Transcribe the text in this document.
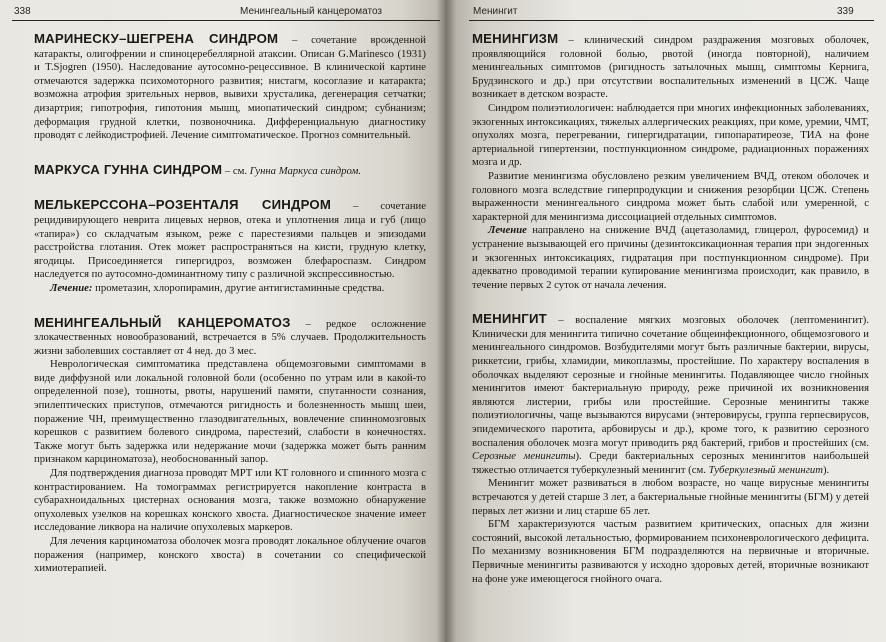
338	Менингеальный канцероматоз

МАРИНЕСКУ–ШЕГРЕНА СИНДРОМ – сочетание врожденной катаракты, олигофрении и спиноцеребеллярной атаксии. Описан G.Marinesco (1931) и T.Sjogren (1950). Наследование аутосомно-рецессивное. В клинической картине отмечаются задержка психомоторного развития; нистагм, косоглазие и катаракта; возможна атрофия зрительных нервов, вывихи хрусталика, дегенерация сетчатки; дизартрия; гипотрофия, гипотония мышц, миопатический синдром; субнанизм; деформация грудной клетки, позвоночника. Дифференциальную диагностику проводят с лейкодистрофией. Лечение симптоматическое. Прогноз сомнительный.

МАРКУСА ГУННА СИНДРОМ – см. Гунна Маркуса синдром.

МЕЛЬКЕРССОНА–РОЗЕНТАЛЯ СИНДРОМ – сочетание рецидивирующего неврита лицевых нервов, отека и уплотнения лица и губ (лицо «тапира») со складчатым языком, реже с парестезиями пальцев и эпизодами расстройства глотания. Отек может распространяться на кисти, грудную клетку, ягодицы. Присоединяется гипергидроз, возможен блефароспазм. Синдром наследуется по аутосомно-доминантному типу с различной экспрессивностью.

Лечение: прометазин, хлоропирамин, другие антигистаминные средства.

МЕНИНГЕАЛЬНЫЙ КАНЦЕРОМАТОЗ – редкое осложнение злокачественных новообразований, встречается в 5% случаев. Продолжительность жизни заболевших составляет от 4 нед. до 3 мес.

Неврологическая симптоматика представлена общемозговыми симптомами в виде диффузной или локальной головной боли (особенно по утрам или в какой-то определенной позе), тошноты, рвоты, нарушений памяти, спутанности сознания, эпилептических приступов, отмечаются ригидность и болезненность мышц шеи, поражение ЧН, преимущественно глазодвигательных, вовлечение спинномозговых корешков с развитием болевого синдрома, парестезий, слабости в конечностях. Также могут быть задержка или недержание мочи (задержка может быть ранним признаком карциноматоза), необоснованный запор.

Для подтверждения диагноза проводят МРТ или КТ головного и спинного мозга с контрастированием. На томограммах регистрируется накопление контраста в субарахноидальных цистернах основания мозга, также возможно обнаружение опухолевых узелков на корешках конского хвоста. Диагностическое значение имеет исследование ликвора на наличие опухолевых маркеров.

Для лечения карциноматоза оболочек мозга проводят локальное облучение очагов поражения (например, конского хвоста) в сочетании со специфической химиотерапией.

Менингит	339

МЕНИНГИЗМ – клинический синдром раздражения мозговых оболочек, проявляющийся головной болью, рвотой (иногда повторной), наличием менингеальных симптомов (ригидность затылочных мышц, симптомы Кернига, Брудзинского и др.) при отсутствии воспалительных изменений в ЦСЖ. Чаще возникает в детском возрасте.

Синдром полиэтиологичен: наблюдается при многих инфекционных заболеваниях, экзогенных интоксикациях, тяжелых аллергических реакциях, при коме, уремии, ЧМТ, опухолях мозга, перегревании, гипергидратации, гипопаратиреозе, ТИА на фоне артериальной гипертензии, постпункционном синдроме, радиационных поражениях мозга и др.

Развитие менингизма обусловлено резким увеличением ВЧД, отеком оболочек и головного мозга вследствие гиперпродукции и снижения резорбции ЦСЖ. Степень выраженности менингеального синдрома может быть слабой или умеренной, с характерной для менингизма диссоциацией отдельных симптомов.

Лечение направлено на снижение ВЧД (ацетазоламид, глицерол, фуросемид) и устранение вызывающей его причины (дезинтоксикационная терапия при эндогенных и экзогенных интоксикациях, гидратация при постпункционном синдроме). При адекватно проводимой терапии купирование менингизма происходит, как правило, в течение первых 2 суток от начала лечения.

МЕНИНГИТ – воспаление мягких мозговых оболочек (лептоменингит). Клинически для менингита типично сочетание общеинфекционного, общемозгового и менингеального синдромов. Возбудителями могут быть различные бактерии, вирусы, риккетсии, грибы, хламидии, микоплазмы, простейшие. По характеру воспаления в оболочках выделяют серозные и гнойные менингиты. Подавляющее число гнойных менингитов имеют бактериальную природу, реже причиной их возникновения являются листерии, грибы или простейшие. Серозные менингиты также полиэтиологичны, чаще вызываются вирусами (энтеровирусы, группа герпесвирусов, эпидемического паротита, арбовирусы и др.), кроме того, к развитию серозного воспаления оболочек мозга могут приводить ряд бактерий, грибов и простейших (см. Серозные менингиты). Среди бактериальных серозных менингитов наибольшей тяжестью отличается туберкулезный менингит (см. Туберкулезный менингит).

Менингит может развиваться в любом возрасте, но чаще вирусные менингиты встречаются у детей старше 3 лет, а бактериальные гнойные менингиты (БГМ) у детей первых лет жизни и лиц старше 65 лет.

БГМ характеризуются частым развитием критических, опасных для жизни состояний, высокой летальностью, формированием психоневрологического дефицита. По механизму возникновения БГМ подразделяются на первичные и вторичные. Первичные менингиты развиваются у исходно здоровых детей, вторичные возникают на фоне уже имеющегося гнойного очага.
